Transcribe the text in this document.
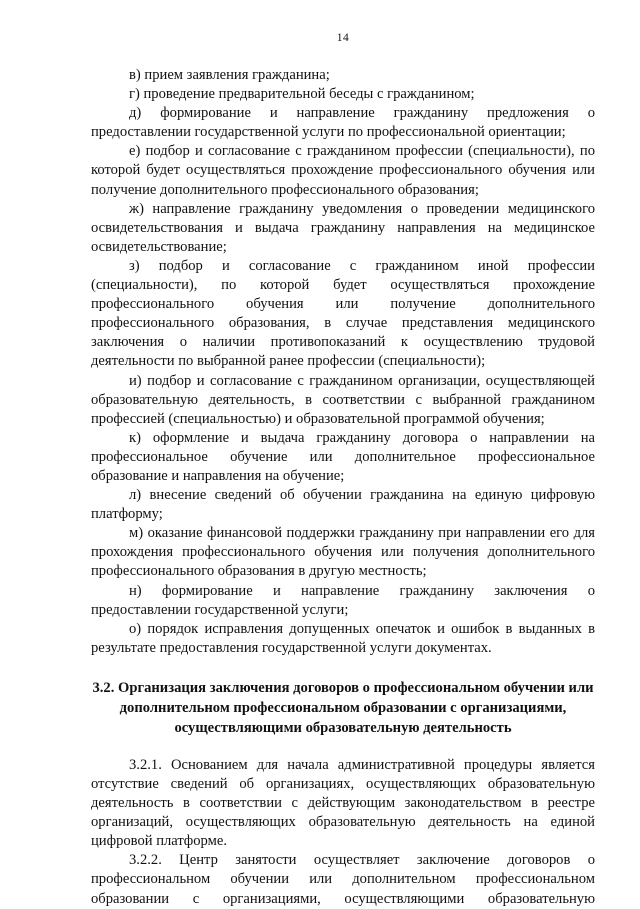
14

в) прием заявления гражданина;

г) проведение предварительной беседы с гражданином;

д) формирование и направление гражданину предложения о предоставлении государственной услуги по профессиональной ориентации;

е) подбор и согласование с гражданином профессии (специальности), по которой будет осуществляться прохождение профессионального обучения или получение дополнительного профессионального образования;

ж) направление гражданину уведомления о проведении медицинского освидетельствования и выдача гражданину направления на медицинское освидетельствование;

з) подбор и согласование с гражданином иной профессии (специальности), по которой будет осуществляться прохождение профессионального обучения или получение дополнительного профессионального образования, в случае представления медицинского заключения о наличии противопоказаний к осуществлению трудовой деятельности по выбранной ранее профессии (специальности);

и) подбор и согласование с гражданином организации, осуществляющей образовательную деятельность, в соответствии с выбранной гражданином профессией (специальностью) и образовательной программой обучения;

к) оформление и выдача гражданину договора о направлении на профессиональное обучение или дополнительное профессиональное образование и направления на обучение;

л) внесение сведений об обучении гражданина на единую цифровую платформу;

м) оказание финансовой поддержки гражданину при направлении его для прохождения профессионального обучения или получения дополнительного профессионального образования в другую местность;

н) формирование и направление гражданину заключения о предоставлении государственной услуги;

о) порядок исправления допущенных опечаток и ошибок в выданных в результате предоставления государственной услуги документах.

3.2. Организация заключения договоров о профессиональном обучении или дополнительном профессиональном образовании с организациями, осуществляющими образовательную деятельность

3.2.1. Основанием для начала административной процедуры является отсутствие сведений об организациях, осуществляющих образовательную деятельность в соответствии с действующим законодательством в реестре организаций, осуществляющих образовательную деятельность на единой цифровой платформе.

3.2.2. Центр занятости осуществляет заключение договоров о профессиональном обучении или дополнительном профессиональном образовании с организациями, осуществляющими образовательную
